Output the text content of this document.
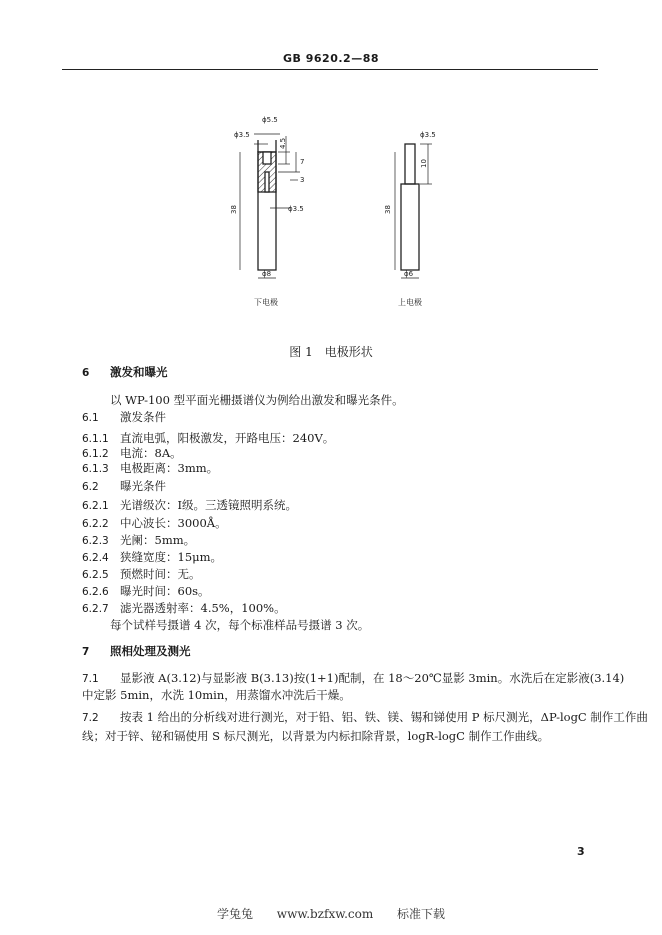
GB 9620.2—88
ϕ5.5
ϕ3.5
4.5
7
3
ϕ3.5
38
ϕ8
下电极
ϕ3.5
10
38
ϕ6
上电极
图 1　电极形状
6 激发和曝光
以 WP-100 型平面光栅摄谱仪为例给出激发和曝光条件。
6.1 激发条件
6.1.1 直流电弧，阳极激发，开路电压：240V。
6.1.2 电流：8A。
6.1.3 电极距离：3mm。
6.2 曝光条件
6.2.1 光谱级次：Ⅰ级。三透镜照明系统。
6.2.2 中心波长：3000Å。
6.2.3 光阑：5mm。
6.2.4 狭缝宽度：15μm。
6.2.5 预燃时间：无。
6.2.6 曝光时间：60s。
6.2.7 滤光器透射率：4.5%，100%。
每个试样号摄谱 4 次，每个标准样品号摄谱 3 次。
7 照相处理及测光
7.1 显影液 A(3.12)与显影液 B(3.13)按(1+1)配制，在 18～20℃显影 3min。水洗后在定影液(3.14)
中定影 5min，水洗 10min，用蒸馏水冲洗后干燥。
7.2 按表 1 给出的分析线对进行测光，对于铅、铝、铁、镁、锡和锑使用 P 标尺测光，ΔP-logC 制作工作曲
线；对于锌、铋和镉使用 S 标尺测光，以背景为内标扣除背景，logR-logC 制作工作曲线。
3
学兔兔 www.bzfxw.com 标准下载
